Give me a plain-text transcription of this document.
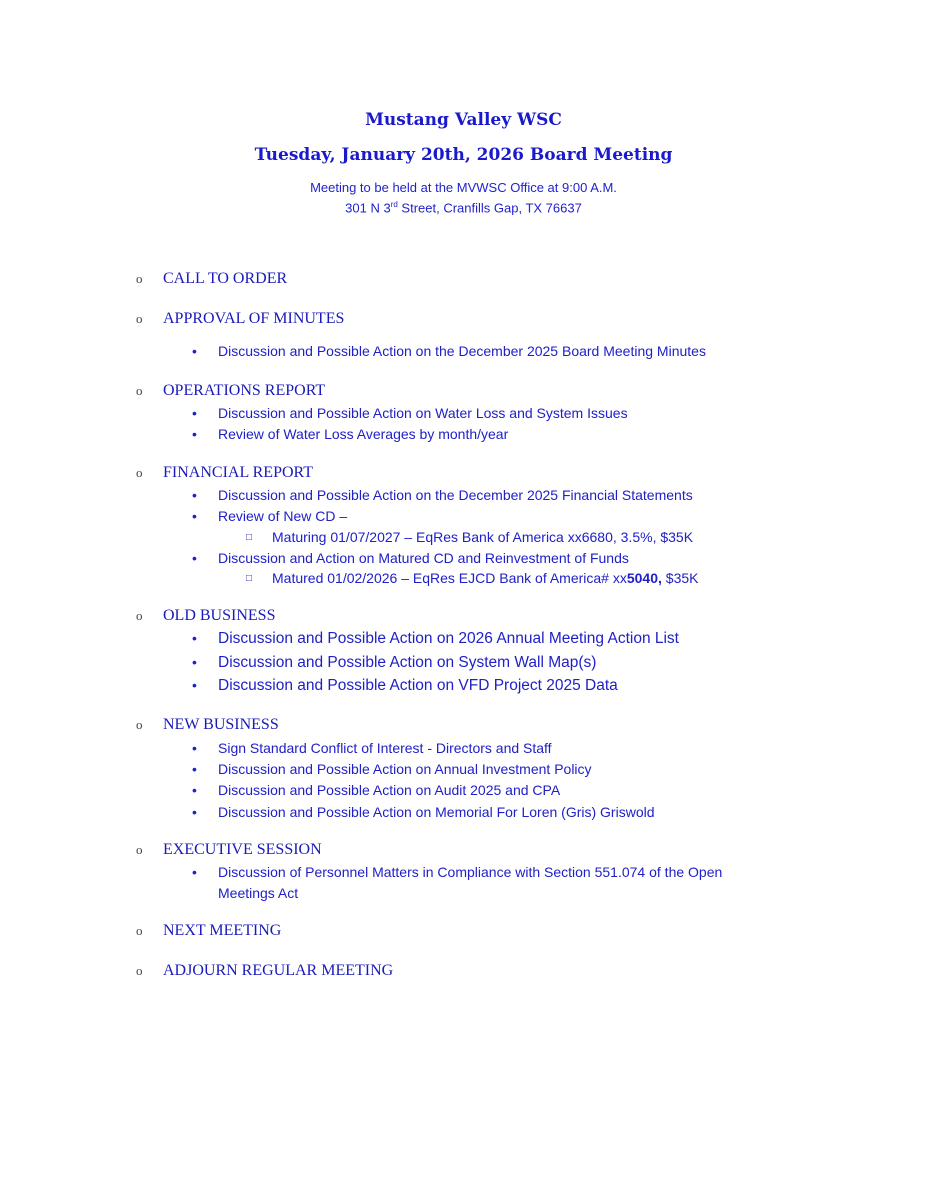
Mustang Valley WSC
Tuesday, January 20th, 2026 Board Meeting
Meeting to be held at the MVWSC Office at 9:00 A.M.
301 N 3rd Street, Cranfills Gap, TX 76637
o CALL TO ORDER
o APPROVAL OF MINUTES
• Discussion and Possible Action on the December 2025 Board Meeting Minutes
o OPERATIONS REPORT
• Discussion and Possible Action on Water Loss and System Issues
• Review of Water Loss Averages by month/year
o FINANCIAL REPORT
• Discussion and Possible Action on the December 2025 Financial Statements
• Review of New CD –
□ Maturing 01/07/2027 – EqRes Bank of America xx6680, 3.5%, $35K
• Discussion and Action on Matured CD and Reinvestment of Funds
□ Matured 01/02/2026 – EqRes EJCD Bank of America# xx5040, $35K
o OLD BUSINESS
• Discussion and Possible Action on 2026 Annual Meeting Action List
• Discussion and Possible Action on System Wall Map(s)
• Discussion and Possible Action on VFD Project 2025 Data
o NEW BUSINESS
• Sign Standard Conflict of Interest - Directors and Staff
• Discussion and Possible Action on Annual Investment Policy
• Discussion and Possible Action on Audit 2025 and CPA
• Discussion and Possible Action on Memorial For Loren (Gris) Griswold
o EXECUTIVE SESSION
• Discussion of Personnel Matters in Compliance with Section 551.074 of the Open
Meetings Act
o NEXT MEETING
o ADJOURN REGULAR MEETING
